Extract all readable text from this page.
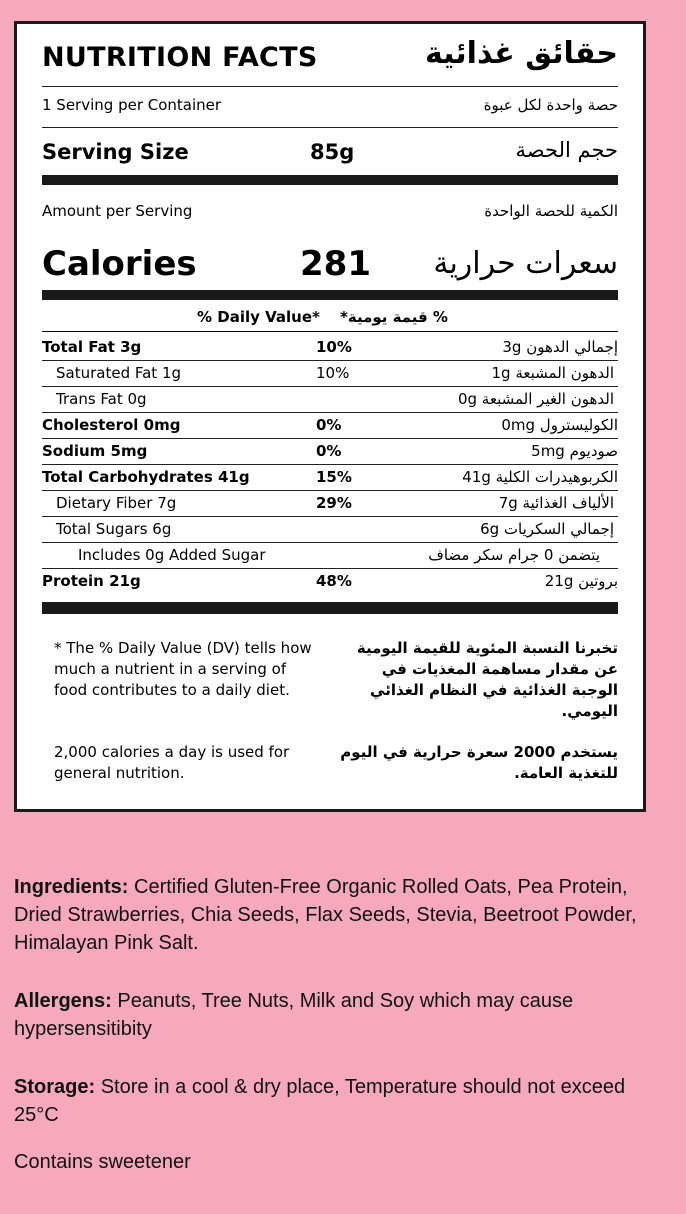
NUTRITION FACTS	حقائق غذائية
1 Serving per Container	حصة واحدة لكل عبوة
Serving Size	85g	حجم الحصة
Amount per Serving	الكمية للحصة الواحدة
Calories	281 سعرات حرارية
% Daily Value* % قيمة يومية*
Total Fat 3g	10%	إجمالي الدهون 3g
Saturated Fat 1g	10%	الدهون المشبعة 1g
Trans Fat 0g	الدهون الغير المشبعة 0g
Cholesterol 0mg	0%	الكوليسترول 0mg
Sodium 5mg	0%	صوديوم 5mg
Total Carbohydrates 41g	15%	الكربوهيدرات الكلية 41g
Dietary Fiber 7g	29%	الألياف الغذائية 7g
Total Sugars 6g	إجمالي السكريات 6g
Includes 0g Added Sugar	يتضمن 0 جرام سكر مضاف
Protein 21g	48%	بروتين 21g
* The % Daily Value (DV) tells how much a nutrient in a serving of food contributes to a daily diet.
تخبرنا النسبة المئوية للقيمة اليومية عن مقدار مساهمة المغذيات في الوجبة الغذائية في النظام الغذائي اليومي.
2,000 calories a day is used for general nutrition.
يستخدم 2000 سعرة حرارية في اليوم للتغذية العامة.
Ingredients: Certified Gluten-Free Organic Rolled Oats, Pea Protein, Dried Strawberries, Chia Seeds, Flax Seeds, Stevia, Beetroot Powder, Himalayan Pink Salt.
Allergens: Peanuts, Tree Nuts, Milk and Soy which may cause hypersensitibity
Storage: Store in a cool & dry place, Temperature should not exceed 25°C
Contains sweetener
